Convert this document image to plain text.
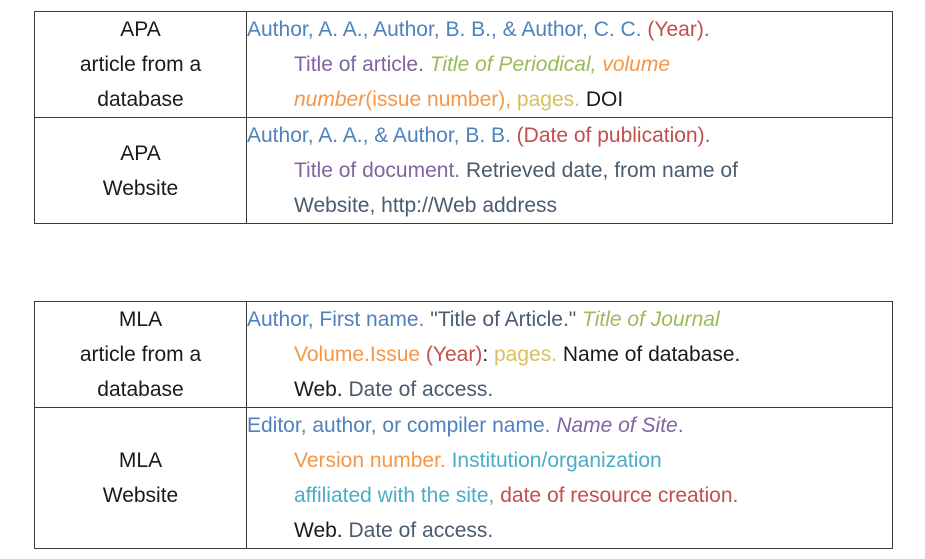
APA
article from a
database	Author, A. A., Author, B. B., & Author, C. C. (Year).
Title of article. Title of Periodical, volume
number(issue number), pages. DOI

APA
Website	Author, A. A., & Author, B. B. (Date of publication).
Title of document. Retrieved date, from name of
Website, http://Web address
MLA
article from a
database	Author, First name. "Title of Article." Title of Journal
Volume.Issue (Year): pages. Name of database.
Web. Date of access.

MLA
Website	Editor, author, or compiler name. Name of Site.
Version number. Institution/organization
affiliated with the site, date of resource creation.
Web. Date of access.
